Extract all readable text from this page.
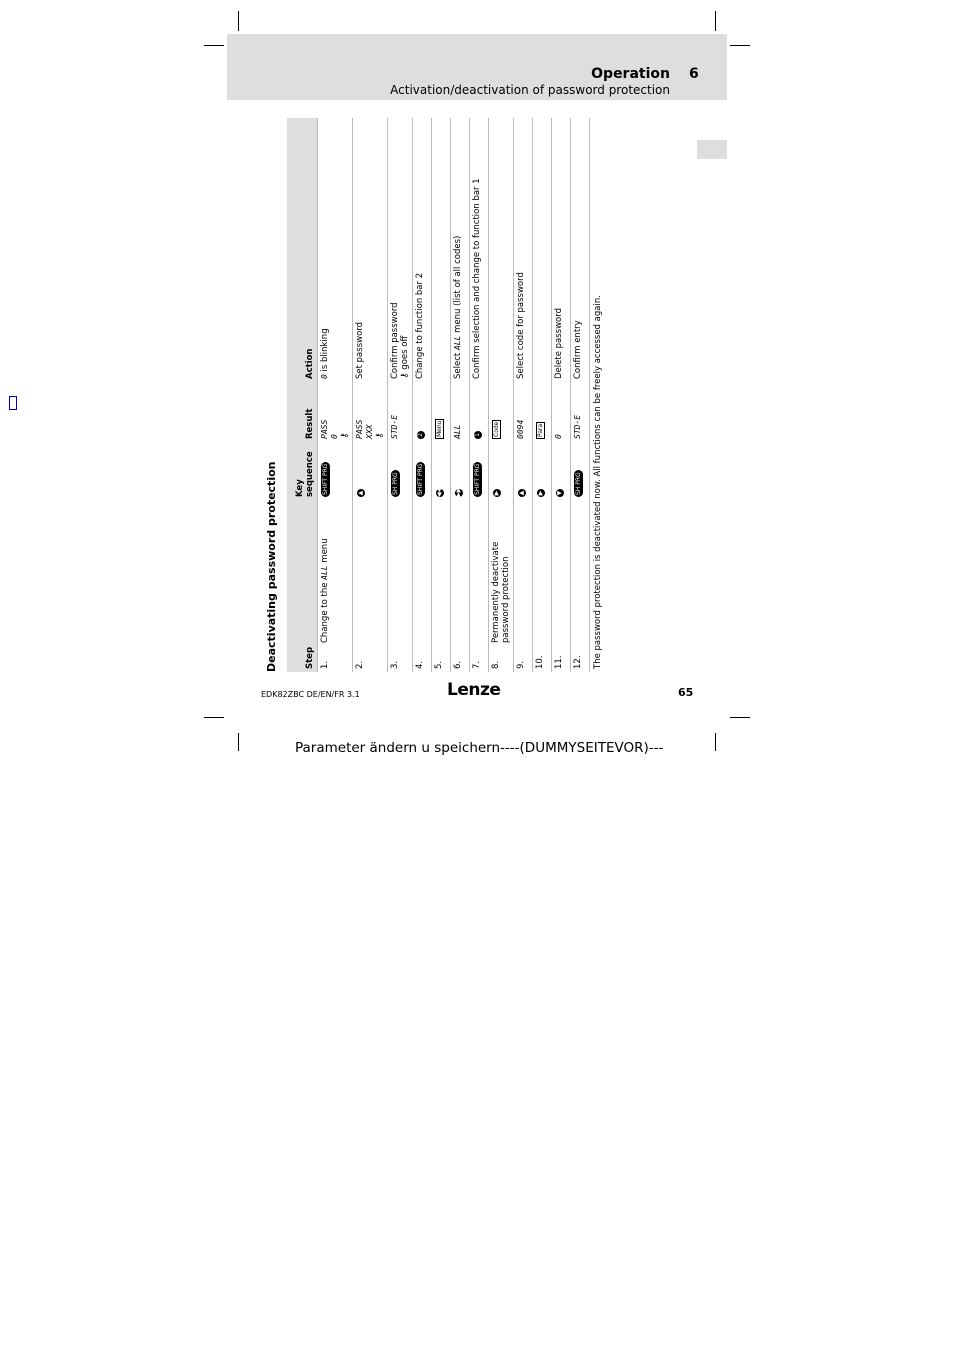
Operation 6
Activation/deactivation of password protection
Deactivating password protection	Step		Key sequence	Result	Action
1.	Change to the ALL menu	SHIFT PRG	PASS 0 ⚷	0 is blinking
2.		▲	PASS XXX ⚷	Set password
3.		SH PRG	STD-E	Confirm password ⚷ goes off

4.		SHIFT PRG	2	Change to function bar 2
5.		◀◀	Menu	
6.		▶▶	ALL	Select ALL menu (list of all codes)
7.		SHIFT PRG	1	Confirm selection and change to function bar 1
8.	Permanently deactivate password protection	▶	Code	
9.		▲	0094	Select code for password
10.		▶	Para	
11.		▼	0	Delete password
12.		SH PRG	STD-E	Confirm entry
The password protection is deactivated now. All functions can be freely accessed again.				
EDK82ZBC DE/EN/FR 3.1	Lenze	65
Parameter ändern u speichern----(DUMMYSEITEVOR)---
